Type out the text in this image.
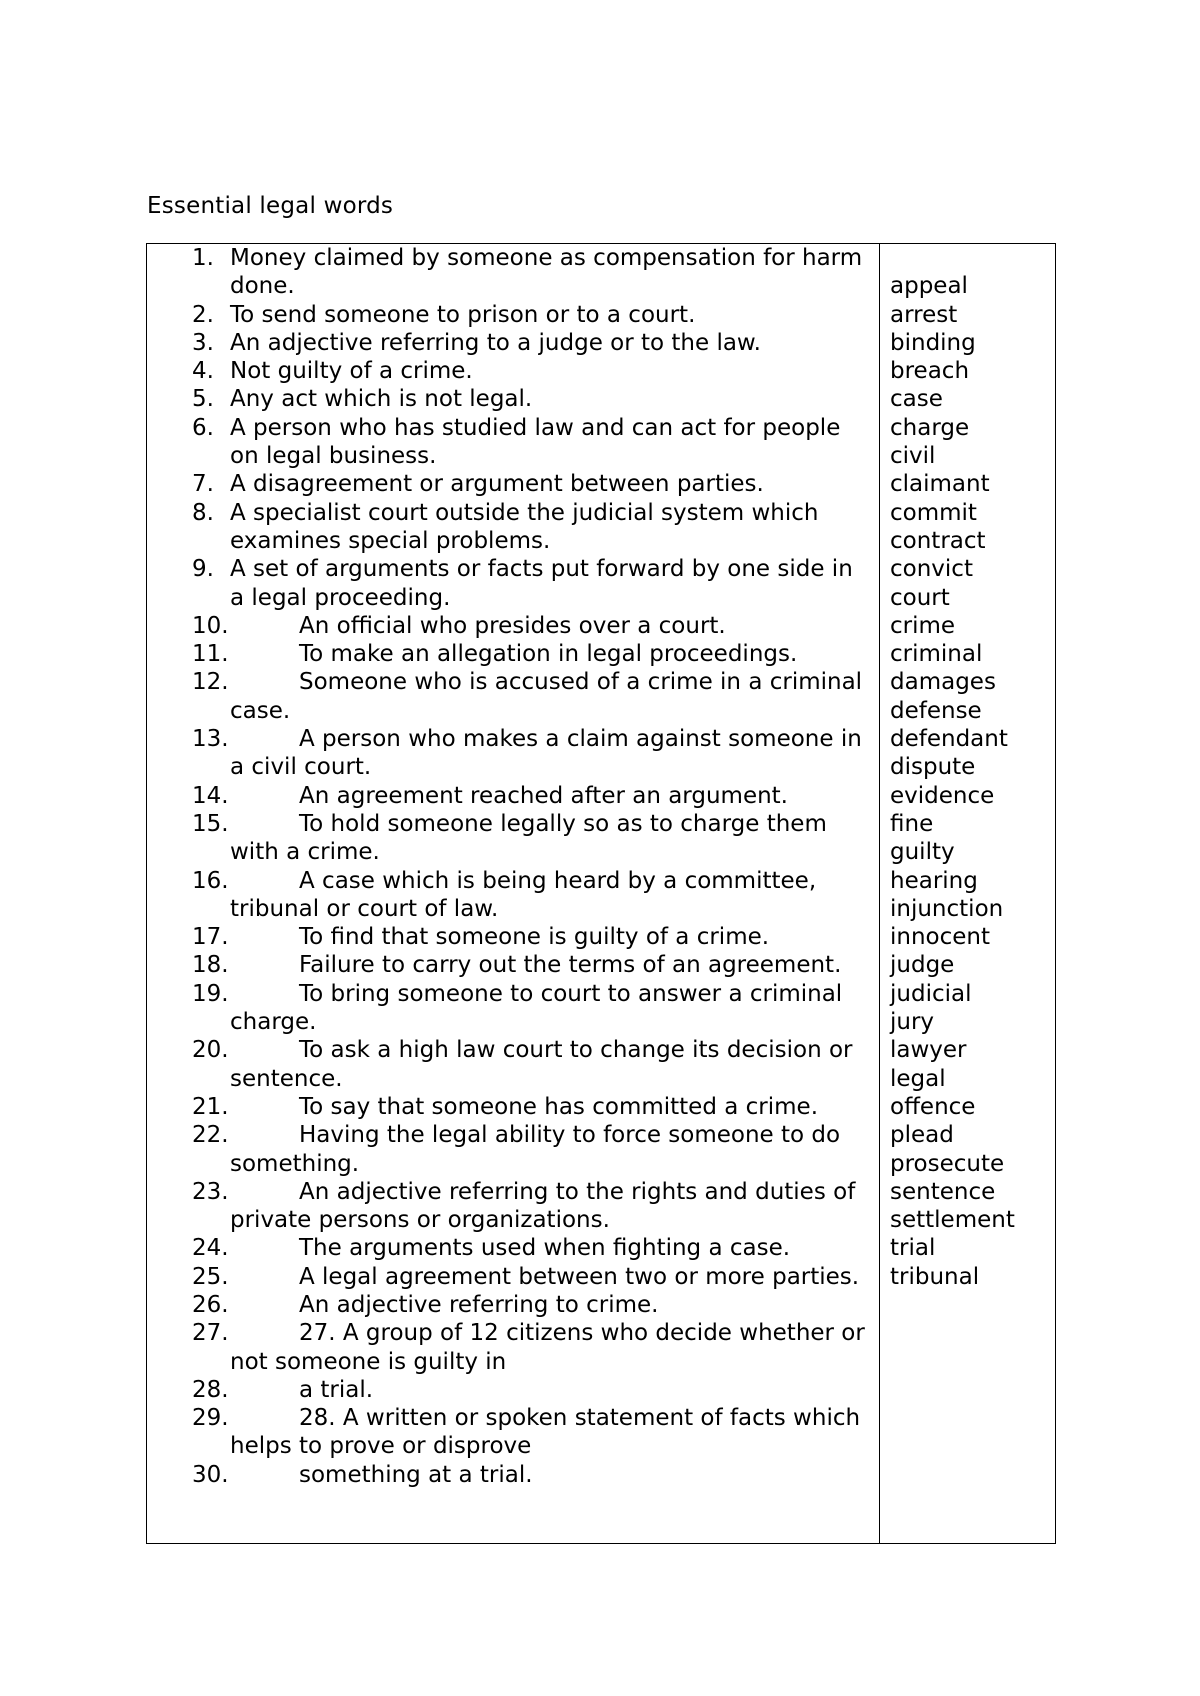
Essential legal words
1. Money claimed by someone as compensation for harm done.
2. To send someone to prison or to a court.
3. An adjective referring to a judge or to the law.
4. Not guilty of a crime.
5. Any act which is not legal.
6. A person who has studied law and can act for people on legal business.
7. A disagreement or argument between parties.
8. A specialist court outside the judicial system which examines special problems.
9. A set of arguments or facts put forward by one side in a legal proceeding.
10.	An official who presides over a court.
11.	To make an allegation in legal proceedings.
12.	Someone who is accused of a crime in a criminal case.
13.	A person who makes a claim against someone in a civil court.
14.	An agreement reached after an argument.
15.	To hold someone legally so as to charge them with a crime.
16.	A case which is being heard by a committee, tribunal or court of law.
17.	To find that someone is guilty of a crime.
18.	Failure to carry out the terms of an agreement.
19.	To bring someone to court to answer a criminal charge.
20.	To ask a high law court to change its decision or sentence.
21.	To say that someone has committed a crime.
22.	Having the legal ability to force someone to do something.
23.	An adjective referring to the rights and duties of private persons or organizations.
24.	The arguments used when fighting a case.
25.	A legal agreement between two or more parties.
26.	An adjective referring to crime.
27.	27. A group of 12 citizens who decide whether or not someone is guilty in
28.	a trial.
29.	28. A written or spoken statement of facts which helps to prove or disprove
30.	something at a trial.
appeal
arrest
binding
breach
case
charge
civil
claimant
commit
contract
convict
court
crime
criminal
damages
defense
defendant
dispute
evidence
fine
guilty
hearing
injunction
innocent
judge
judicial
jury
lawyer
legal
offence
plead
prosecute
sentence
settlement
trial
tribunal
